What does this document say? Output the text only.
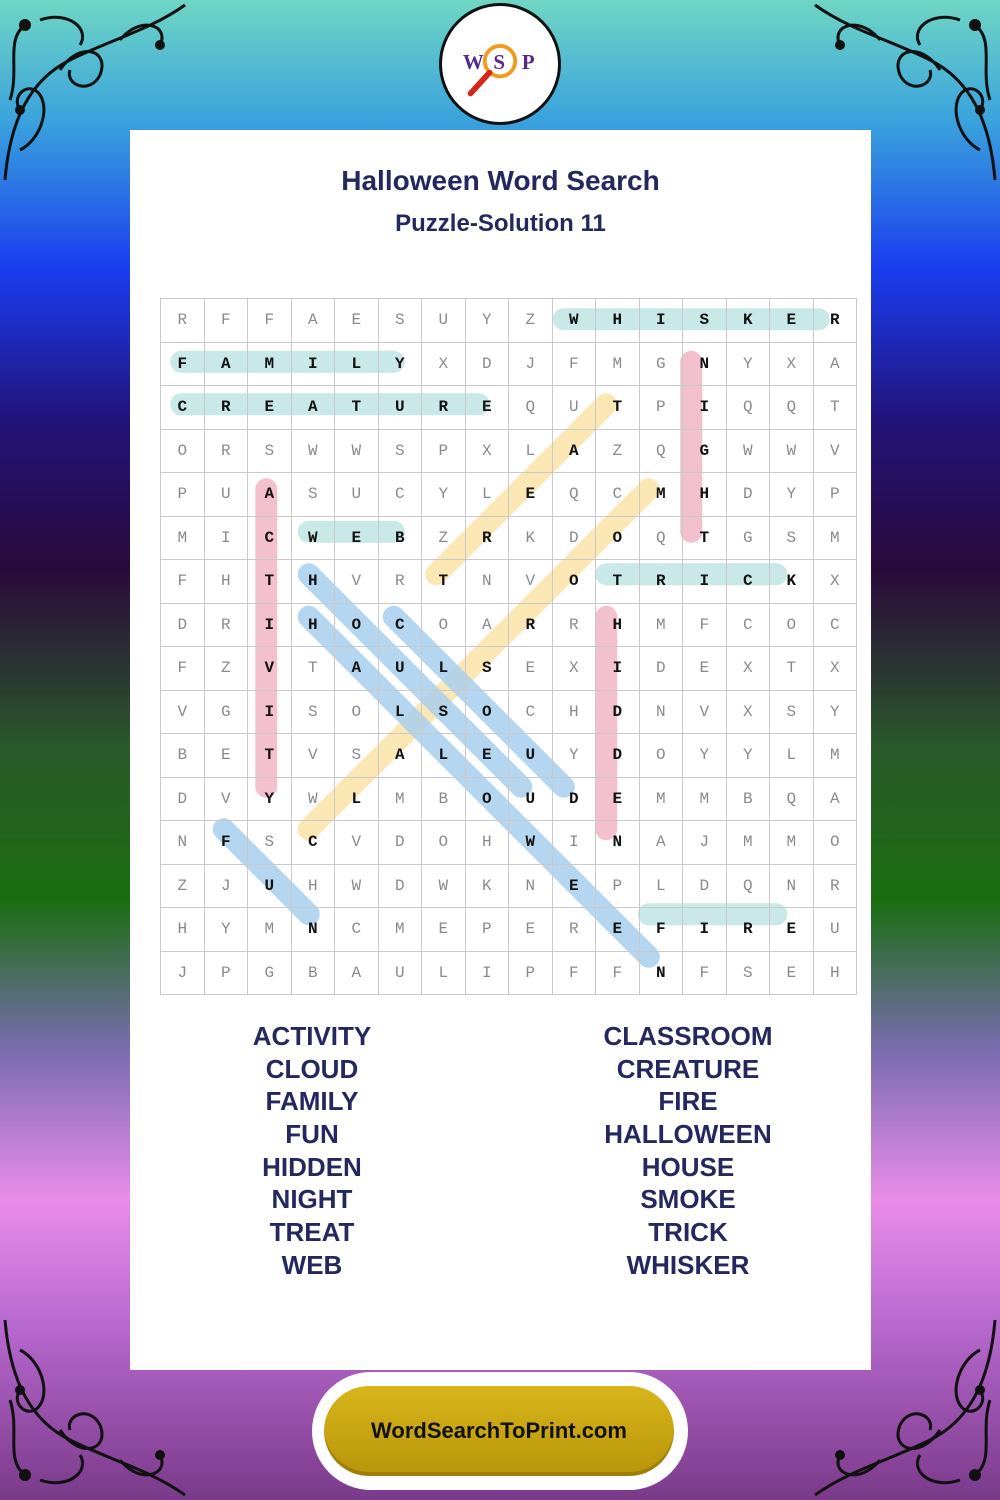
W S P
Halloween Word Search
Puzzle-Solution 11
R	F	F	A	E	S	U	Y	Z	W	H	I	S	K	E	R
F	A	M	I	L	Y	X	D	J	F	M	G	N	Y	X	A
C	R	E	A	T	U	R	E	Q	U	T	P	I	Q	Q	T
O	R	S	W	W	S	P	X	L	A	Z	Q	G	W	W	V
P	U	A	S	U	C	Y	L	E	Q	C	M	H	D	Y	P
M	I	C	W	E	B	Z	R	K	D	O	Q	T	G	S	M
F	H	T	H	V	R	T	N	V	O	T	R	I	C	K	X
D	R	I	H	O	C	O	A	R	R	H	M	F	C	O	C
F	Z	V	T	A	U	L	S	E	X	I	D	E	X	T	X
V	G	I	S	O	L	S	O	C	H	D	N	V	X	S	Y
B	E	T	V	S	A	L	E	U	Y	D	O	Y	Y	L	M
D	V	Y	W	L	M	B	O	U	D	E	M	M	B	Q	A
N	F	S	C	V	D	O	H	W	I	N	A	J	M	M	O
Z	J	U	H	W	D	W	K	N	E	P	L	D	Q	N	R
H	Y	M	N	C	M	E	P	E	R	E	F	I	R	E	U
J	P	G	B	A	U	L	I	P	F	F	N	F	S	E	H
ACTIVITY
CLOUD
FAMILY
FUN
HIDDEN
NIGHT
TREAT
WEB
CLASSROOM
CREATURE
FIRE
HALLOWEEN
HOUSE
SMOKE
TRICK
WHISKER
WordSearchToPrint.com
